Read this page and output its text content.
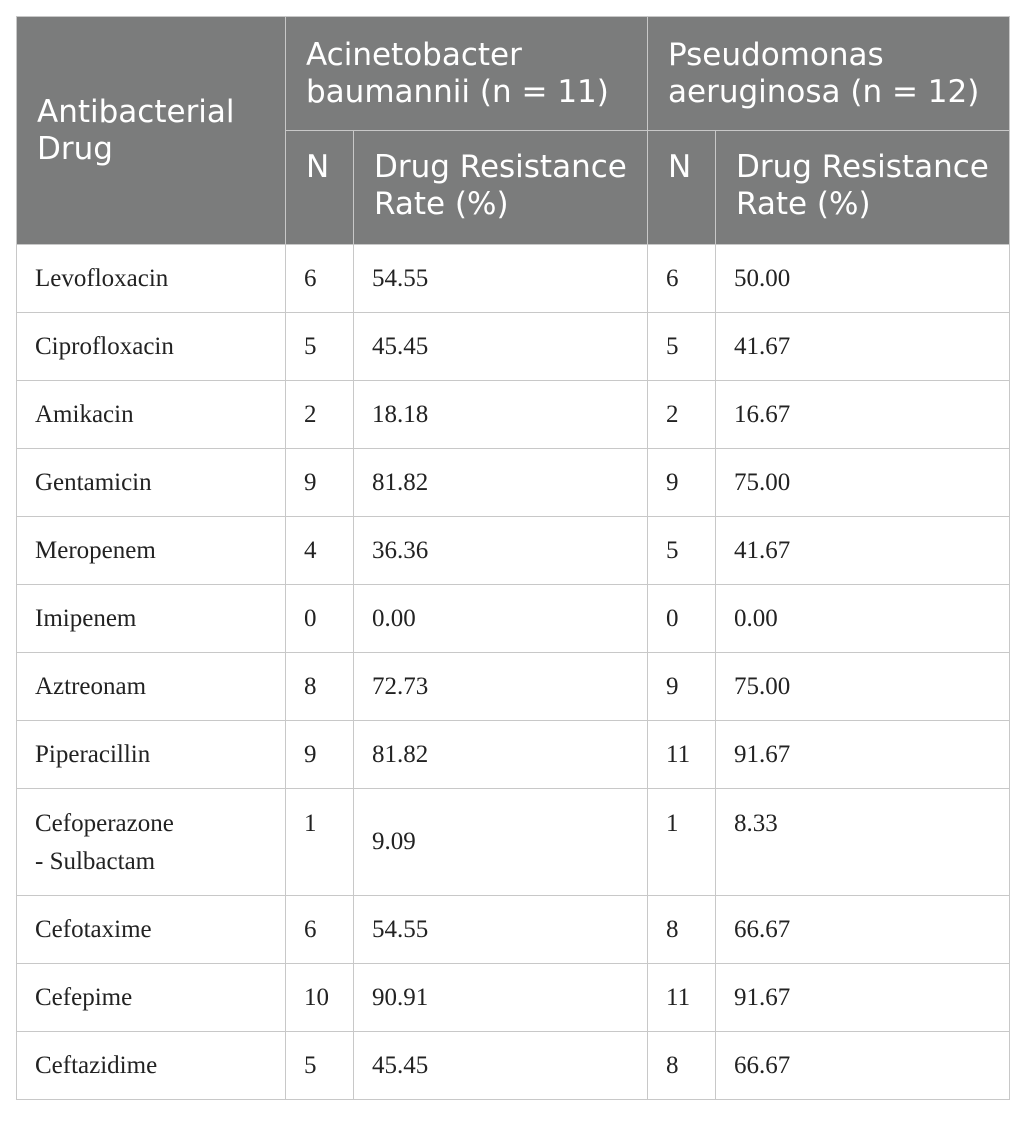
Antibacterial Drug	Acinetobacter baumannii (n = 11)		Pseudomonas aeruginosa (n = 12)	
	N	Drug Resistance Rate (%)	N	Drug Resistance Rate (%)
Levofloxacin	6	54.55	6	50.00
Ciprofloxacin	5	45.45	5	41.67
Amikacin	2	18.18	2	16.67
Gentamicin	9	81.82	9	75.00
Meropenem	4	36.36	5	41.67
Imipenem	0	0.00	0	0.00
Aztreonam	8	72.73	9	75.00
Piperacillin	9	81.82	11	91.67
Cefoperazone
- Sulbactam	1	9.09	1	8.33
Cefotaxime	6	54.55	8	66.67
Cefepime	10	90.91	11	91.67
Ceftazidime	5	45.45	8	66.67
